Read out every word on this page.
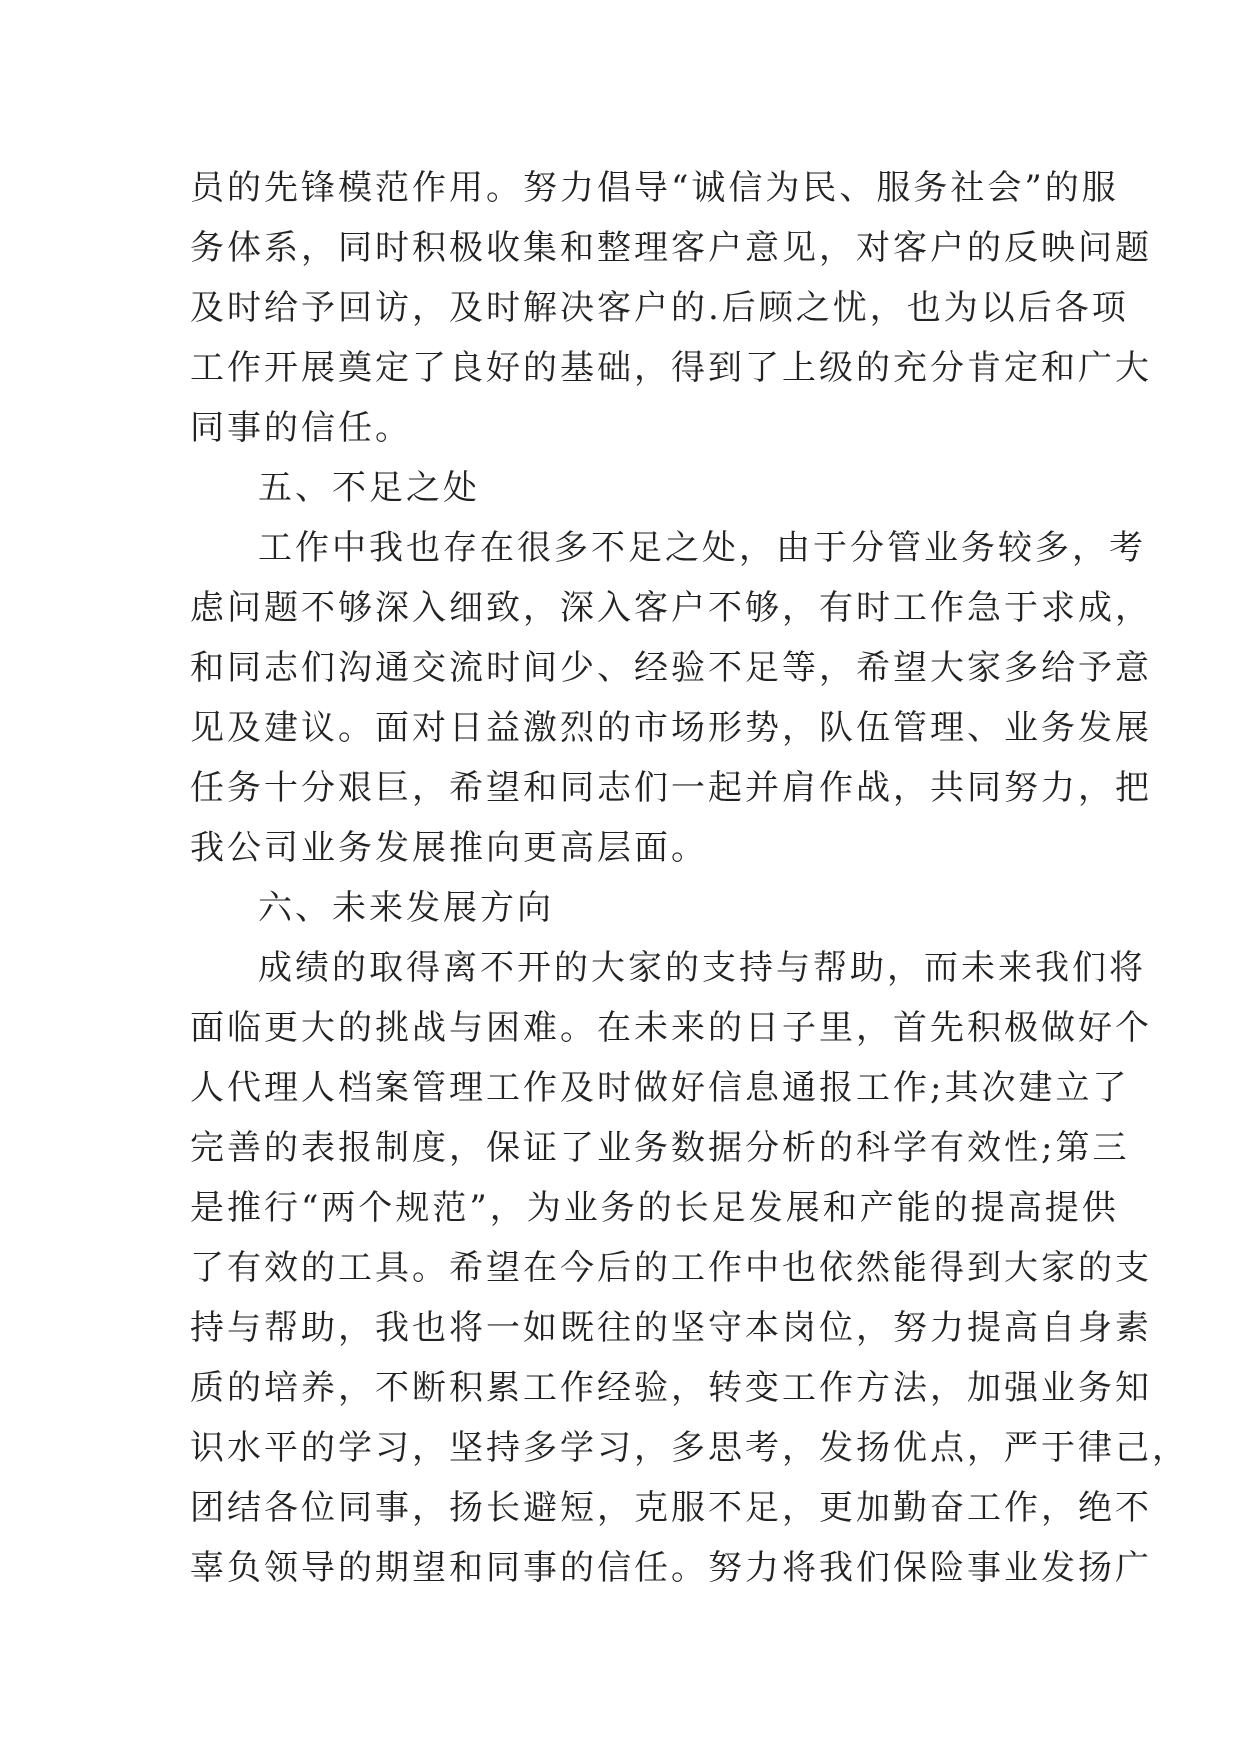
员的先锋模范作用。努力倡导“诚信为民、服务社会”的服
务体系，同时积极收集和整理客户意见，对客户的反映问题
及时给予回访，及时解决客户的.后顾之忧，也为以后各项
工作开展奠定了良好的基础，得到了上级的充分肯定和广大
同事的信任。
五、不足之处
工作中我也存在很多不足之处，由于分管业务较多，考
虑问题不够深入细致，深入客户不够，有时工作急于求成，
和同志们沟通交流时间少、经验不足等，希望大家多给予意
见及建议。面对日益激烈的市场形势，队伍管理、业务发展
任务十分艰巨，希望和同志们一起并肩作战，共同努力，把
我公司业务发展推向更高层面。
六、未来发展方向
成绩的取得离不开的大家的支持与帮助，而未来我们将
面临更大的挑战与困难。在未来的日子里，首先积极做好个
人代理人档案管理工作及时做好信息通报工作;其次建立了
完善的表报制度，保证了业务数据分析的科学有效性;第三
是推行“两个规范”，为业务的长足发展和产能的提高提供
了有效的工具。希望在今后的工作中也依然能得到大家的支
持与帮助，我也将一如既往的坚守本岗位，努力提高自身素
质的培养，不断积累工作经验，转变工作方法，加强业务知
识水平的学习，坚持多学习，多思考，发扬优点，严于律己，
团结各位同事，扬长避短，克服不足，更加勤奋工作，绝不
辜负领导的期望和同事的信任。努力将我们保险事业发扬广
